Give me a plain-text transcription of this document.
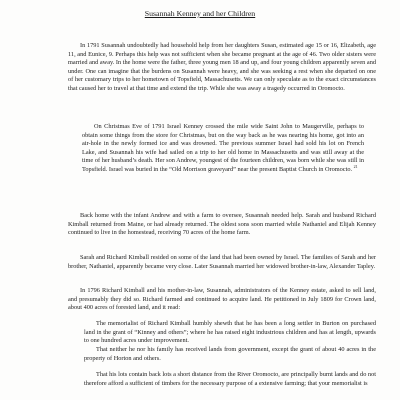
Susannah Kenney and her Children

In 1791 Susannah undoubtedly had household help from her daughters Susan, estimated age 15 or 16, Elizabeth, age 11, and Eunice, 9. Perhaps this help was not sufficient when she became pregnant at the age of 46. Two older sisters were married and away. In the home were the father, three young men 18 and up, and four young children apparently seven and under. One can imagine that the burdens on Susannah were heavy, and she was seeking a rest when she departed on one of her customary trips to her hometown of Topsfield, Massachusetts. We can only speculate as to the exact circumstances that caused her to travel at that time and extend the trip. While she was away a tragedy occurred in Oromocto.

On Christmas Eve of 1791 Israel Kenney crossed the mile wide Saint John to Maugerville, perhaps to obtain some things from the store for Christmas, but on the way back as he was nearing his home, got into an air-hole in the newly formed ice and was drowned. The previous summer Israel had sold his lot on French Lake, and Susannah his wife had sailed on a trip to her old home in Massachusetts and was still away at the time of her husband’s death. Her son Andrew, youngest of the fourteen children, was born while she was still in Topsfield. Israel was buried in the “Old Morrison graveyard” near the present Baptist Church in Oromocto. $^{21}$

Back home with the infant Andrew and with a farm to oversee, Susannah needed help. Sarah and husband Richard Kimball returned from Maine, or had already returned. The oldest sons soon married while Nathaniel and Elijah Kenney continued to live in the homestead, receiving 70 acres of the home farm.

Sarah and Richard Kimball resided on some of the land that had been owned by Israel. The families of Sarah and her brother, Nathaniel, apparently became very close. Later Susannah married her widowed brother-in-law, Alexander Tapley.

In 1796 Richard Kimball and his mother-in-law, Susannah, administrators of the Kenney estate, asked to sell land, and presumably they did so. Richard farmed and continued to acquire land. He petitioned in July 1809 for Crown land, about 400 acres of forested land, and it read:

The memorialist of Richard Kimball humbly shewth that he has been a long settler in Burton on purchased land in the grant of “Kinney and others”; where he has raised eight industrious children and has at length, upwards to one hundred acres under improvement.

That neither he nor his family has received lands from government, except the grant of about 40 acres in the property of Horton and others.

That his lots contain back lots a short distance from the River Oromocto, are principally burnt lands and do not therefore afford a sufficient of timbers for the necessary purpose of a extensive farming; that your memorialist is
